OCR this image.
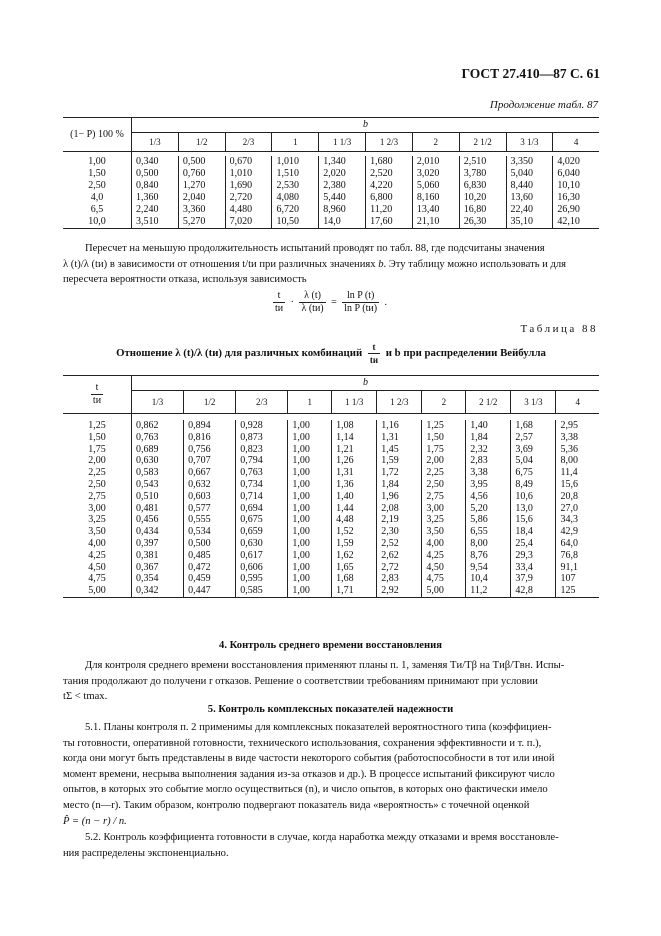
ГОСТ 27.410—87 С. 61
Продолжение табл. 87
(1− P) 100 %	b									
	1/3	1/2	2/3	1	1 1/3	1 2/3	2	2 1/2	3 1/3	4

1,00	0,340	0,500	0,670	1,010	1,340	1,680	2,010	2,510	3,350	4,020
1,50	0,500	0,760	1,010	1,510	2,020	2,520	3,020	3,780	5,040	6,040
2,50	0,840	1,270	1,690	2,530	2,380	4,220	5,060	6,830	8,440	10,10
4,0	1,360	2,040	2,720	4,080	5,440	6,800	8,160	10,20	13,60	16,30
6,5	2,240	3,360	4,480	6,720	8,960	11,20	13,40	16,80	22,40	26,90
10,0	3,510	5,270	7,020	10,50	14,0	17,60	21,10	26,30	35,10	42,10
Пересчет на меньшую продолжительность испытаний проводят по табл. 88, где подсчитаны значения
λ (t)/λ (tи) в зависимости от отношения t/tи при различных значениях b. Эту таблицу можно использовать и для
пересчета вероятности отказа, используя зависимость
t
tи
·
λ (t)
λ (tи)
=
ln P (t)
ln P (tи)
.
Таблица 88
Отношение λ (t)/λ (tи) для различных комбинаций	t
tи
и b при распределении Вейбулла
t
tи	b									
	1/3	1/2	2/3	1	1 1/3	1 2/3	2	2 1/2	3 1/3	4

1,25	0,862	0,894	0,928	1,00	1,08	1,16	1,25	1,40	1,68	2,95
1,50	0,763	0,816	0,873	1,00	1,14	1,31	1,50	1,84	2,57	3,38
1,75	0,689	0,756	0,823	1,00	1,21	1,45	1,75	2,32	3,69	5,36
2,00	0,630	0,707	0,794	1,00	1,26	1,59	2,00	2,83	5,04	8,00
2,25	0,583	0,667	0,763	1,00	1,31	1,72	2,25	3,38	6,75	11,4
2,50	0,543	0,632	0,734	1,00	1,36	1,84	2,50	3,95	8,49	15,6
2,75	0,510	0,603	0,714	1,00	1,40	1,96	2,75	4,56	10,6	20,8
3,00	0,481	0,577	0,694	1,00	1,44	2,08	3,00	5,20	13,0	27,0
3,25	0,456	0,555	0,675	1,00	4,48	2,19	3,25	5,86	15,6	34,3
3,50	0,434	0,534	0,659	1,00	1,52	2,30	3,50	6,55	18,4	42,9
4,00	0,397	0,500	0,630	1,00	1,59	2,52	4,00	8,00	25,4	64,0
4,25	0,381	0,485	0,617	1,00	1,62	2,62	4,25	8,76	29,3	76,8
4,50	0,367	0,472	0,606	1,00	1,65	2,72	4,50	9,54	33,4	91,1
4,75	0,354	0,459	0,595	1,00	1,68	2,83	4,75	10,4	37,9	107
5,00	0,342	0,447	0,585	1,00	1,71	2,92	5,00	11,2	42,8	125
4. Контроль среднего времени восстановления
Для контроля среднего времени восстановления применяют планы п. 1, заменяя Tи/Tβ на Tиβ/Tвн. Испы-
тания продолжают до получени r отказов. Решение о соответствии требованиям принимают при условии
tΣ < tmax.
5. Контроль комплексных показателей надежности
5.1. Планы контроля п. 2 применимы для комплексных показателей вероятностного типа (коэффициен-
ты готовности, оперативной готовности, технического использования, сохранения эффективности и т. п.),
когда они могут быть представлены в виде частости некоторого события (работоспособности в тот или иной
момент времени, несрыва выполнения задания из-за отказов и др.). В процессе испытаний фиксируют число
опытов, в которых это событие могло осуществиться (n), и число опытов, в которых оно фактически имело
место (n—r). Таким образом, контролю подвергают показатель вида «вероятность» с точечной оценкой
P̂ = (n − r) / n.
5.2. Контроль коэффициента готовности в случае, когда наработка между отказами и время восстановле-
ния распределены экспоненциально.
